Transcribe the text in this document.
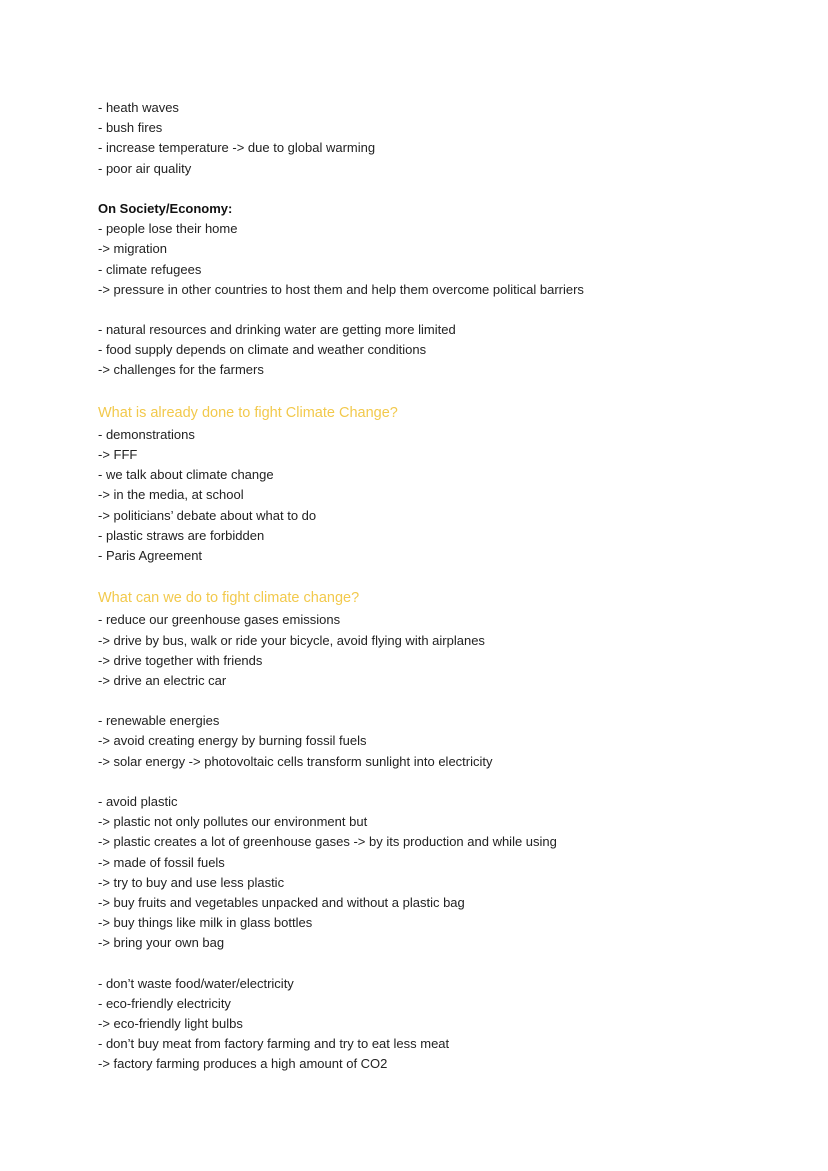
- heath waves
- bush fires
- increase temperature -> due to global warming
- poor air quality
On Society/Economy:
- people lose their home
-> migration
- climate refugees
-> pressure in other countries to host them and help them overcome political barriers
- natural resources and drinking water are getting more limited
- food supply depends on climate and weather conditions
-> challenges for the farmers
What is already done to fight Climate Change?
- demonstrations
-> FFF
- we talk about climate change
-> in the media, at school
-> politicians’ debate about what to do
- plastic straws are forbidden
- Paris Agreement
What can we do to fight climate change?
- reduce our greenhouse gases emissions
-> drive by bus, walk or ride your bicycle, avoid flying with airplanes
-> drive together with friends
-> drive an electric car
- renewable energies
-> avoid creating energy by burning fossil fuels
-> solar energy -> photovoltaic cells transform sunlight into electricity
- avoid plastic
-> plastic not only pollutes our environment but
-> plastic creates a lot of greenhouse gases -> by its production and while using
-> made of fossil fuels
-> try to buy and use less plastic
-> buy fruits and vegetables unpacked and without a plastic bag
-> buy things like milk in glass bottles
-> bring your own bag
- don’t waste food/water/electricity
- eco-friendly electricity
-> eco-friendly light bulbs
- don’t buy meat from factory farming and try to eat less meat
-> factory farming produces a high amount of CO2
